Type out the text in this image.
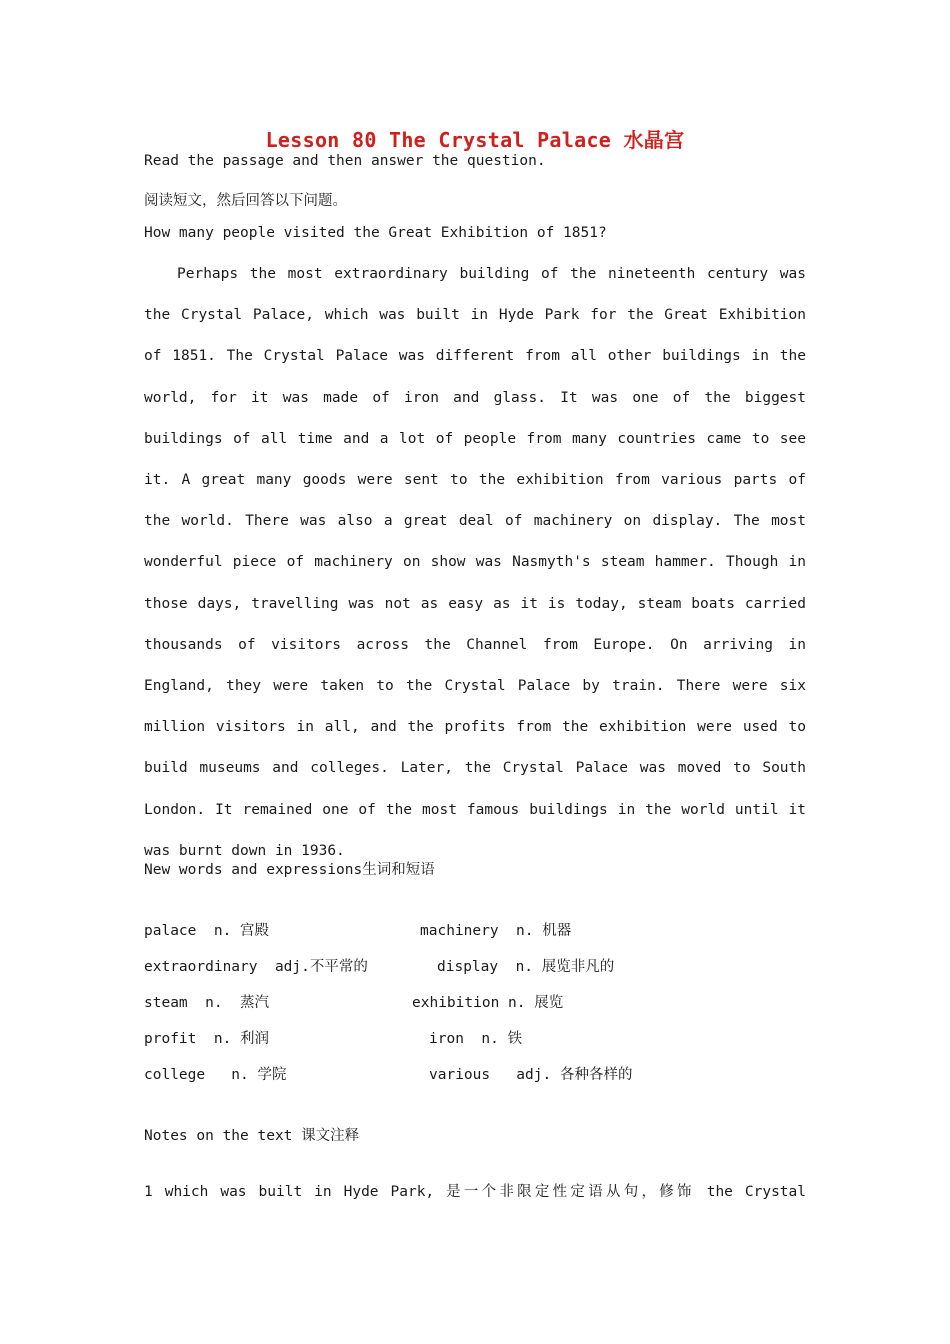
Lesson 80 The Crystal Palace 水晶宫
Read the passage and then answer the question.
阅读短文，然后回答以下问题。
How many people visited the Great Exhibition of 1851?
Perhaps the most extraordinary building of the nineteenth century was the Crystal Palace, which was built in Hyde Park for the Great Exhibition of 1851. The Crystal Palace was different from all other buildings in the world, for it was made of iron and glass. It was one of the biggest buildings of all time and a lot of people from many countries came to see it. A great many goods were sent to the exhibition from various parts of the world. There was also a great deal of machinery on display. The most wonderful piece of machinery on show was Nasmyth's steam hammer. Though in those days, travelling was not as easy as it is today, steam boats carried thousands of visitors across the Channel from Europe. On arriving in England, they were taken to the Crystal Palace by train. There were six million visitors in all, and the profits from the exhibition were used to build museums and colleges. Later, the Crystal Palace was moved to South London. It remained one of the most famous buildings in the world until it was burnt down in 1936.
New words and expressions生词和短语
palace  n. 宫殿	machinery  n. 机器
extraordinary  adj.不平常的	display  n. 展览非凡的
steam  n.  蒸汽	exhibition n. 展览
profit  n. 利润	iron  n. 铁
college   n. 学院	various   adj. 各种各样的
Notes on the text 课文注释
1 which was built in Hyde Park, 是一个非限定性定语从句，修饰 the Crystal
